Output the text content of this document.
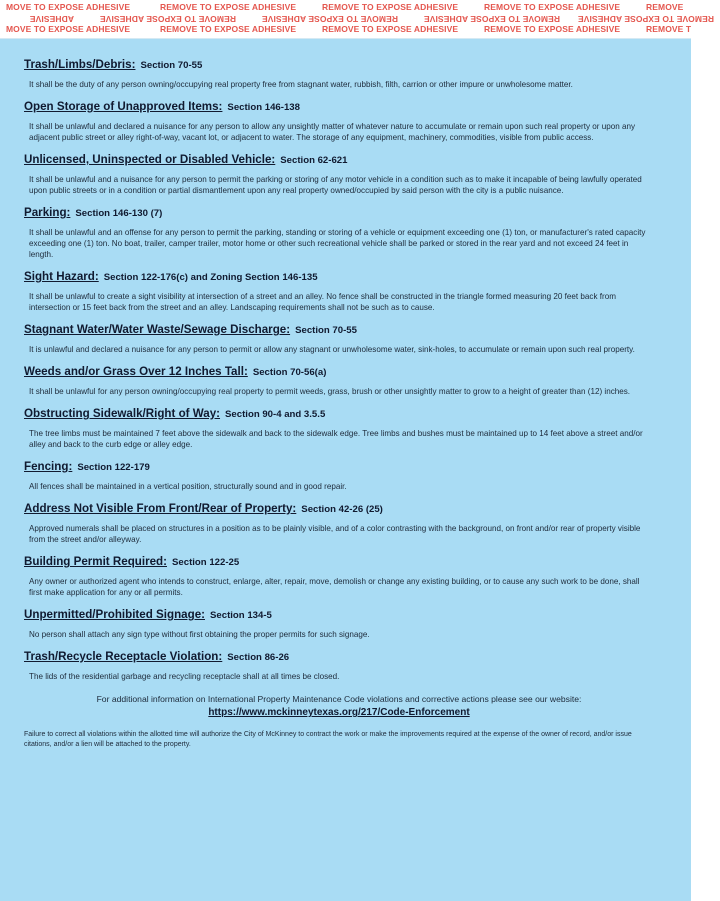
MOVE TO EXPOSE ADHESIVE	REMOVE TO EXPOSE ADHESIVE	REMOVE TO EXPOSE ADHESIVE	REMOVE TO EXPOSE ADHESIVE	REMOVE
REMOVE TO EXPOSE ADHESIVE
REMOVE TO EXPOSE ADHESIVE
REMOVE TO EXPOSE ADHESIVE
REMOVE TO EXPOSE ADHESIVE
ADHESIVE
MOVE TO EXPOSE ADHESIVE	REMOVE TO EXPOSE ADHESIVE	REMOVE TO EXPOSE ADHESIVE	REMOVE TO EXPOSE ADHESIVE	REMOVE T
Trash/Limbs/Debris: Section 70-55

It shall be the duty of any person owning/occupying real property free from stagnant water, rubbish, filth, carrion or other impure or unwholesome matter.

Open Storage of Unapproved Items: Section 146-138

It shall be unlawful and declared a nuisance for any person to allow any unsightly matter of whatever nature to accumulate or remain upon such real property or upon any adjacent public street or alley right-of-way, vacant lot, or adjacent to water. The storage of any equipment, machinery, commodities, visible from public access.

Unlicensed, Uninspected or Disabled Vehicle: Section 62-621

It shall be unlawful and a nuisance for any person to permit the parking or storing of any motor vehicle in a condition such as to make it incapable of being lawfully operated upon public streets or in a condition or partial dismantlement upon any real property owned/occupied by said person with the city is a public nuisance.

Parking: Section 146-130 (7)

It shall be unlawful and an offense for any person to permit the parking, standing or storing of a vehicle or equipment exceeding one (1) ton, or manufacturer's rated capacity exceeding one (1) ton. No boat, trailer, camper trailer, motor home or other such recreational vehicle shall be parked or stored in the rear yard and not exceed 24 feet in length.

Sight Hazard: Section 122-176(c) and Zoning Section 146-135

It shall be unlawful to create a sight visibility at intersection of a street and an alley. No fence shall be constructed in the triangle formed measuring 20 feet back from intersection or 15 feet back from the street and an alley. Landscaping requirements shall not be such as to cause.

Stagnant Water/Water Waste/Sewage Discharge: Section 70-55

It is unlawful and declared a nuisance for any person to permit or allow any stagnant or unwholesome water, sink-holes, to accumulate or remain upon such real property.

Weeds and/or Grass Over 12 Inches Tall: Section 70-56(a)

It shall be unlawful for any person owning/occupying real property to permit weeds, grass, brush or other unsightly matter to grow to a height of greater than (12) inches.

Obstructing Sidewalk/Right of Way: Section 90-4 and 3.5.5

The tree limbs must be maintained 7 feet above the sidewalk and back to the sidewalk edge. Tree limbs and bushes must be maintained up to 14 feet above a street and/or alley and back to the curb edge or alley edge.

Fencing: Section 122-179

All fences shall be maintained in a vertical position, structurally sound and in good repair.

Address Not Visible From Front/Rear of Property: Section 42-26 (25)

Approved numerals shall be placed on structures in a position as to be plainly visible, and of a color contrasting with the background, on front and/or rear of property visible from the street and/or alleyway.

Building Permit Required: Section 122-25

Any owner or authorized agent who intends to construct, enlarge, alter, repair, move, demolish or change any existing building, or to cause any such work to be done, shall first make application for any or all permits.

Unpermitted/Prohibited Signage: Section 134-5

No person shall attach any sign type without first obtaining the proper permits for such signage.

Trash/Recycle Receptacle Violation: Section 86-26

The lids of the residential garbage and recycling receptacle shall at all times be closed.

For additional information on International Property Maintenance Code violations and corrective actions please see our website:
https://www.mckinneytexas.org/217/Code-Enforcement
Failure to correct all violations within the allotted time will authorize the City of McKinney to contract the work or make the improvements required at the expense of the owner of record, and/or issue citations, and/or a lien will be attached to the property.
